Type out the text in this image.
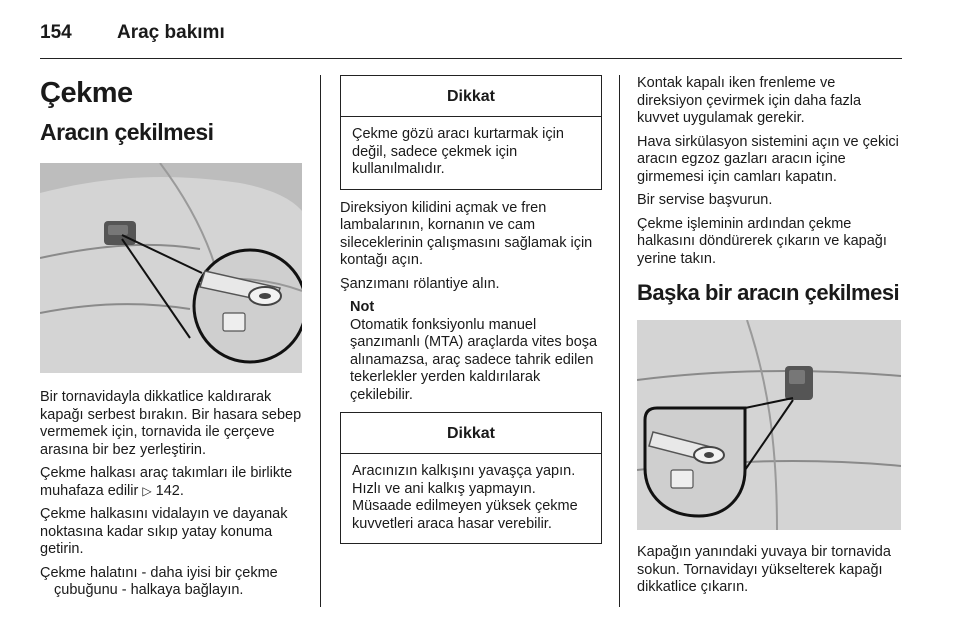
154 Araç bakımı
Çekme
Aracın çekilmesi

Bir tornavidayla dikkatlice kaldırarak kapağı serbest bırakın. Bir hasara sebep vermemek için, tornavida ile çerçeve arasına bir bez yerleştirin.

Çekme halkası araç takımları ile birlikte muhafaza edilir ▷ 142.

Çekme halkasını vidalayın ve dayanak noktasına kadar sıkıp yatay konuma getirin.

Çekme halatını - daha iyisi bir çekme çubuğunu - halkaya bağlayın.

Dikkat
Çekme gözü aracı kurtarmak için değil, sadece çekmek için kullanılmalıdır.

Direksiyon kilidini açmak ve fren lambalarının, kornanın ve cam sileceklerinin çalışmasını sağlamak için kontağı açın.

Şanzımanı rölantiye alın.

Not
Otomatik fonksiyonlu manuel şanzımanlı (MTA) araçlarda vites boşa alınamazsa, araç sadece tahrik edilen tekerlekler yerden kaldırılarak çekilebilir.
Dikkat
Aracınızın kalkışını yavaşça yapın. Hızlı ve ani kalkış yapmayın. Müsaade edilmeyen yüksek çekme kuvvetleri araca hasar verebilir.

Kontak kapalı iken frenleme ve direksiyon çevirmek için daha fazla kuvvet uygulamak gerekir.

Hava sirkülasyon sistemini açın ve çekici aracın egzoz gazları aracın içine girmemesi için camları kapatın.

Bir servise başvurun.

Çekme işleminin ardından çekme halkasını döndürerek çıkarın ve kapağı yerine takın.

Başka bir aracın çekilmesi

Kapağın yanındaki yuvaya bir tornavida sokun. Tornavidayı yükselterek kapağı dikkatlice çıkarın.
